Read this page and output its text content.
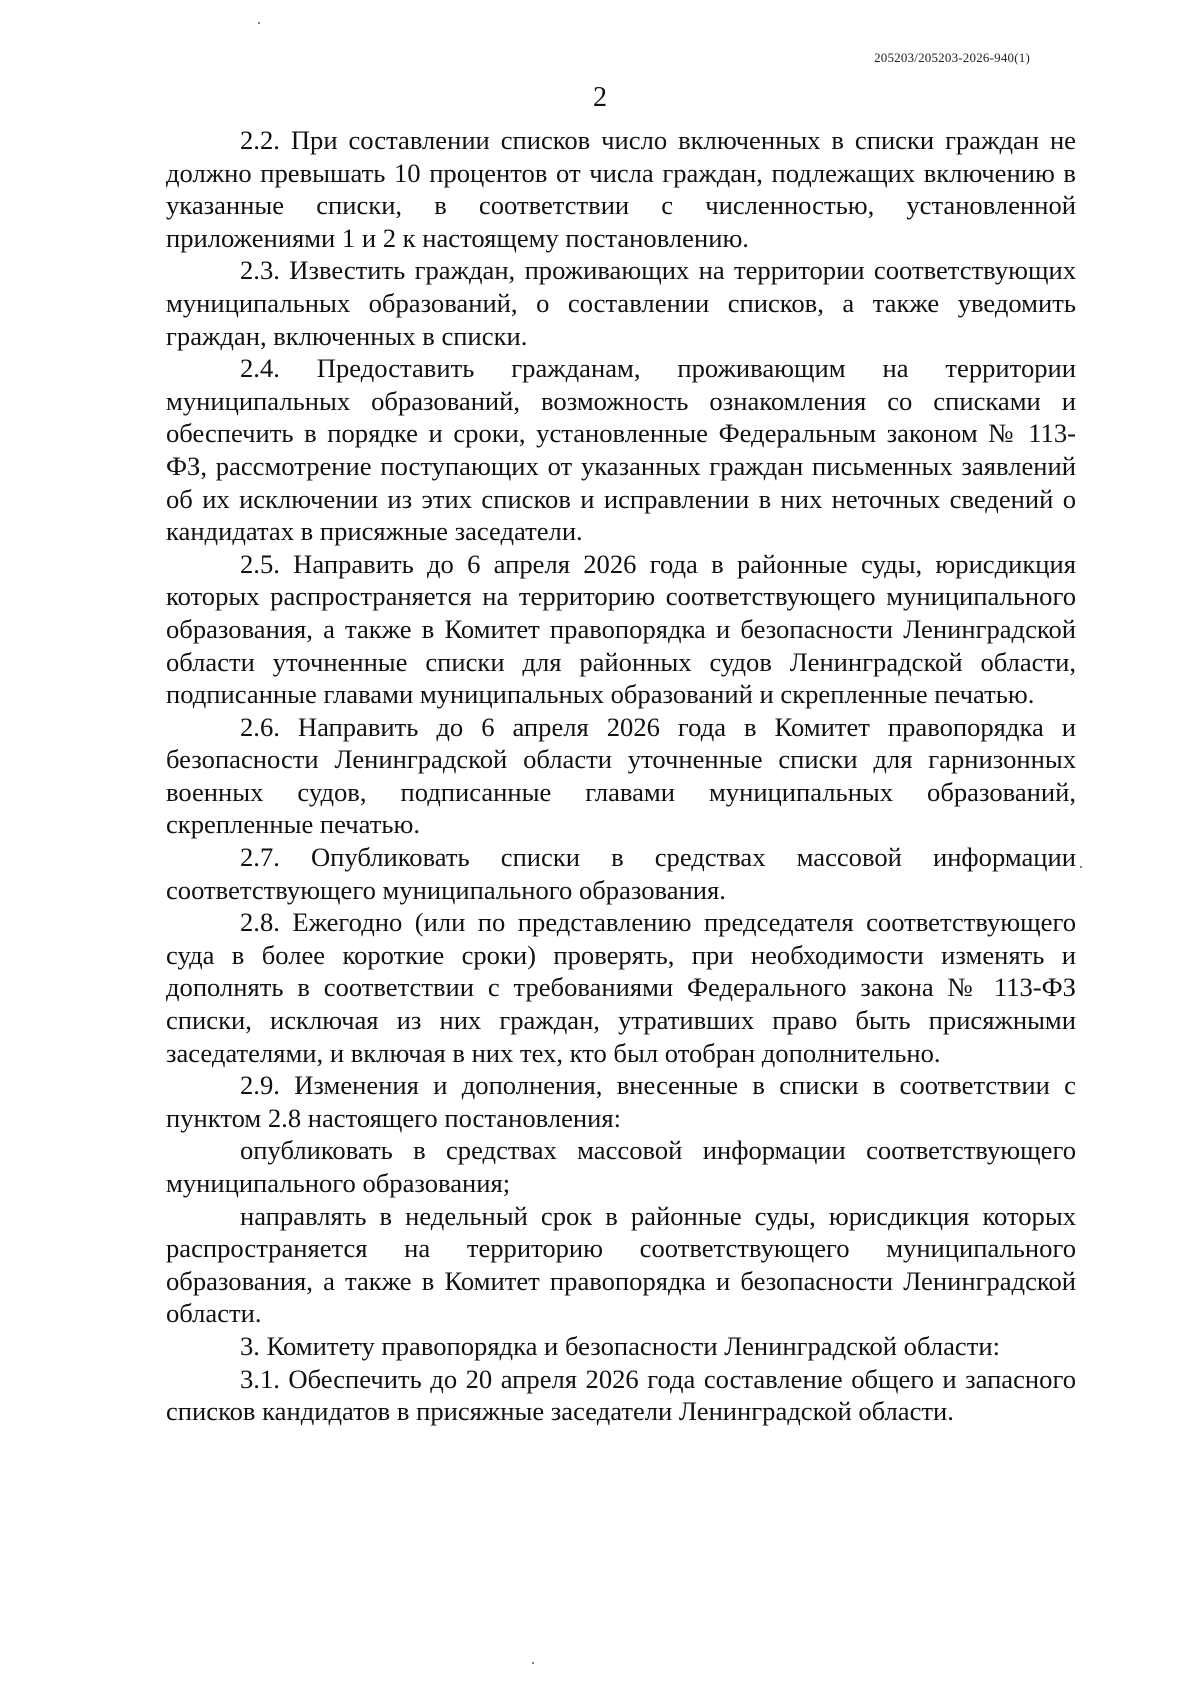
205203/205203-2026-940(1)
2

2.2. При составлении списков число включенных в списки граждан не должно превышать 10 процентов от числа граждан, подлежащих включению в указанные списки, в соответствии с численностью, установленной приложениями 1 и 2 к настоящему постановлению.

2.3. Известить граждан, проживающих на территории соответствующих муниципальных образований, о составлении списков, а также уведомить граждан, включенных в списки.

2.4. Предоставить гражданам, проживающим на территории муниципальных образований, возможность ознакомления со списками и обеспечить в порядке и сроки, установленные Федеральным законом № 113-ФЗ, рассмотрение поступающих от указанных граждан письменных заявлений об их исключении из этих списков и исправлении в них неточных сведений о кандидатах в присяжные заседатели.

2.5. Направить до 6 апреля 2026 года в районные суды, юрисдикция которых распространяется на территорию соответствующего муниципального образования, а также в Комитет правопорядка и безопасности Ленинградской области уточненные списки для районных судов Ленинградской области, подписанные главами муниципальных образований и скрепленные печатью.

2.6. Направить до 6 апреля 2026 года в Комитет правопорядка и безопасности Ленинградской области уточненные списки для гарнизонных военных судов, подписанные главами муниципальных образований, скрепленные печатью.

2.7. Опубликовать списки в средствах массовой информации соответствующего муниципального образования.

2.8. Ежегодно (или по представлению председателя соответствующего суда в более короткие сроки) проверять, при необходимости изменять и дополнять в соответствии с требованиями Федерального закона № 113-ФЗ списки, исключая из них граждан, утративших право быть присяжными заседателями, и включая в них тех, кто был отобран дополнительно.

2.9. Изменения и дополнения, внесенные в списки в соответствии с пунктом 2.8 настоящего постановления:

опубликовать в средствах массовой информации соответствующего муниципального образования;

направлять в недельный срок в районные суды, юрисдикция которых распространяется на территорию соответствующего муниципального образования, а также в Комитет правопорядка и безопасности Ленинградской области.

3. Комитету правопорядка и безопасности Ленинградской области:

3.1. Обеспечить до 20 апреля 2026 года составление общего и запасного списков кандидатов в присяжные заседатели Ленинградской области.
